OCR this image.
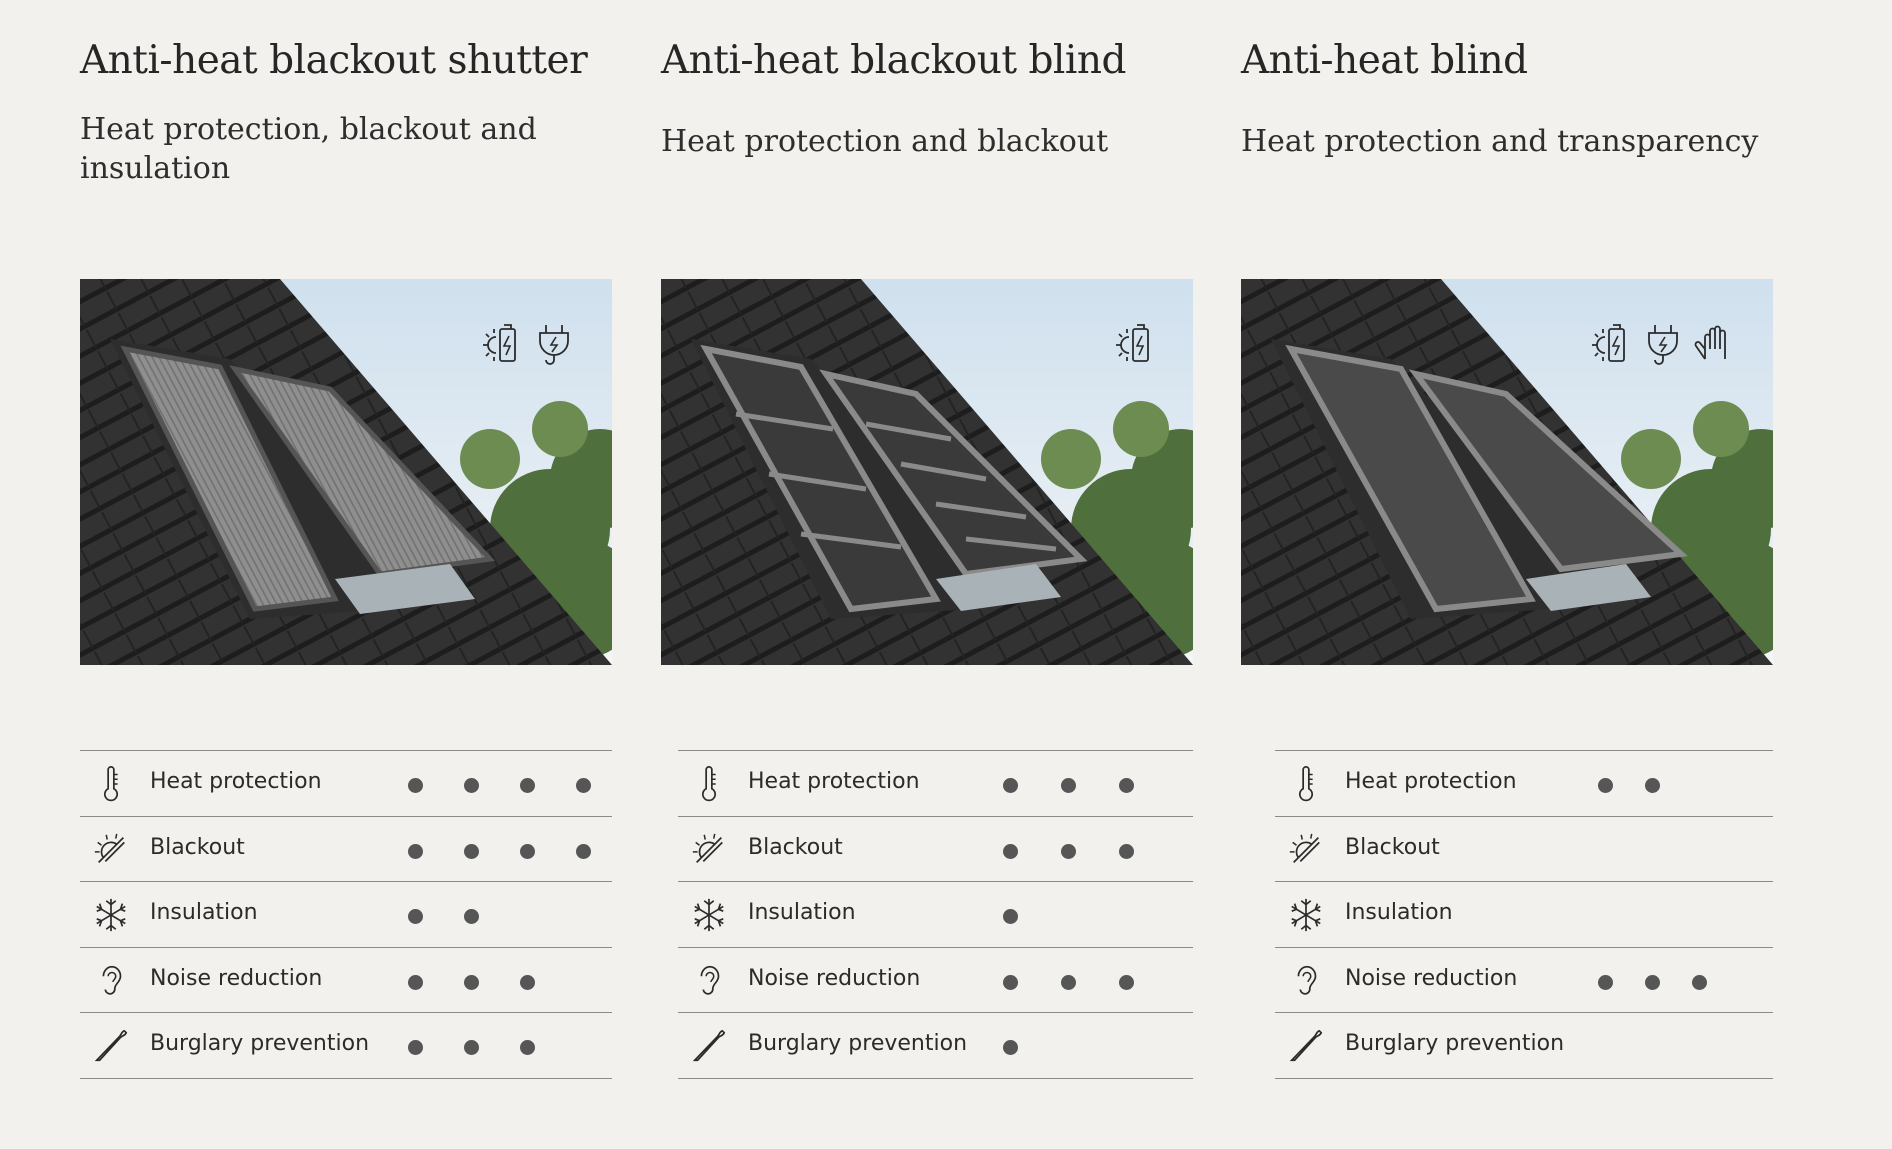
Anti-heat blackout shutter

Heat protection, blackout and insulation

Heat protection
Blackout
Insulation
Noise reduction
Burglary prevention
Anti-heat blackout blind

Heat protection and blackout

Heat protection
Blackout
Insulation
Noise reduction
Burglary prevention
Anti-heat blind

Heat protection and transparency

Heat protection
Blackout
Insulation
Noise reduction
Burglary prevention
